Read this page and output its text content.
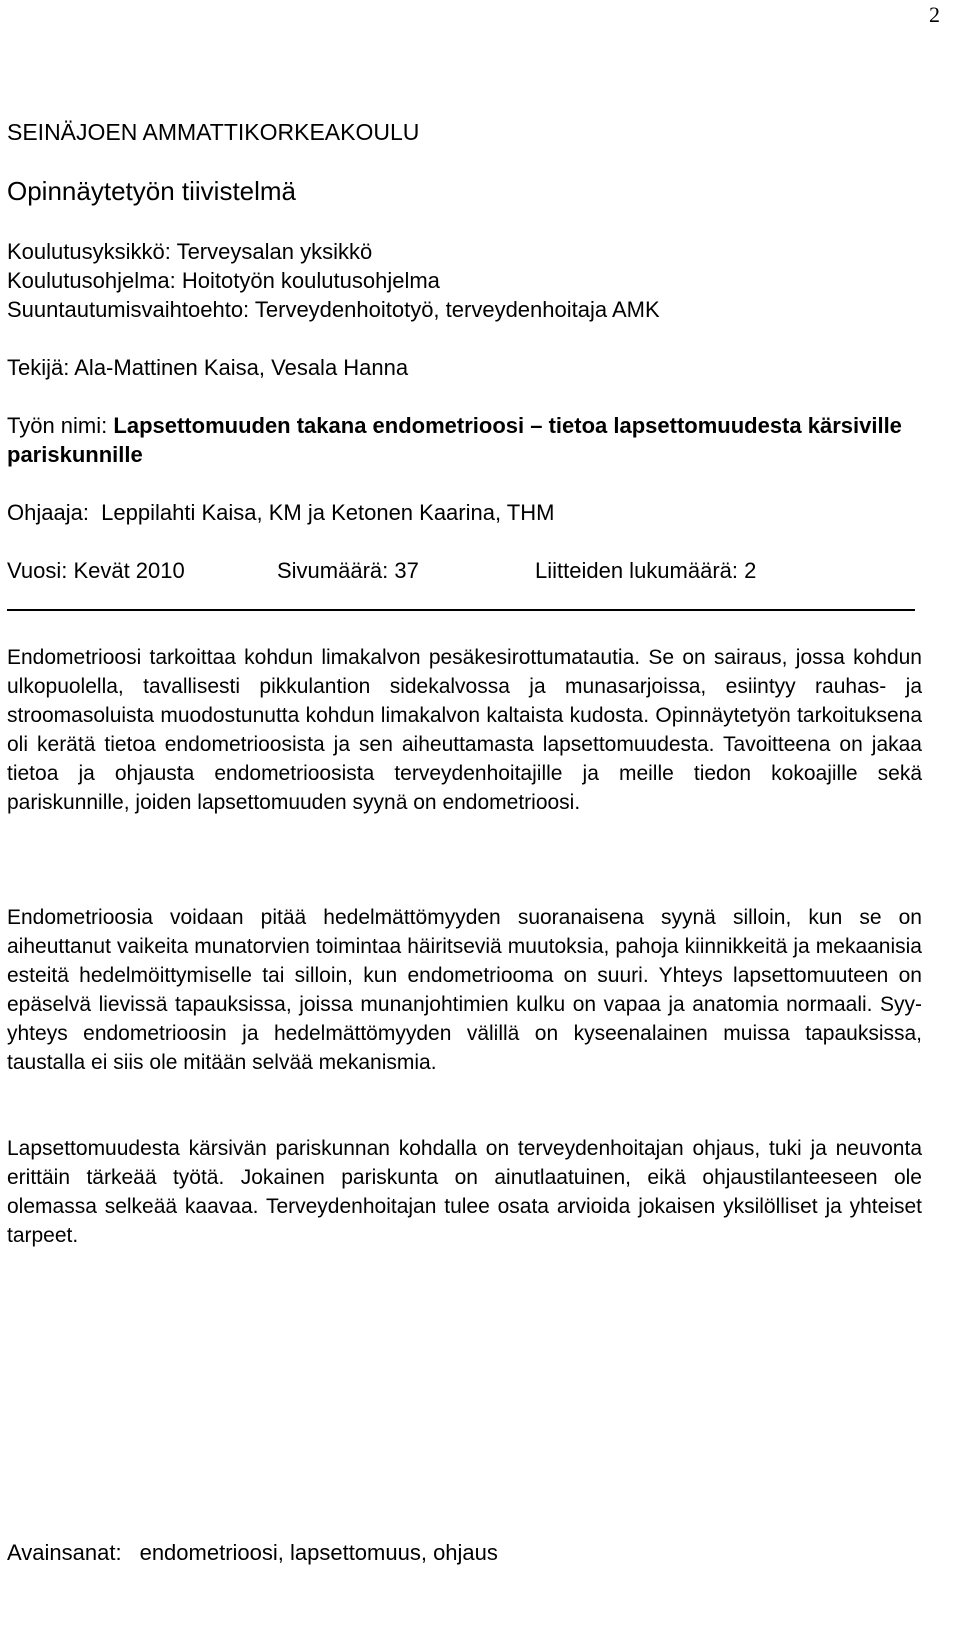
2
SEINÄJOEN AMMATTIKORKEAKOULU
Opinnäytetyön tiivistelmä
Koulutusyksikkö: Terveysalan yksikkö
Koulutusohjelma: Hoitotyön koulutusohjelma
Suuntautumisvaihtoehto: Terveydenhoitotyö, terveydenhoitaja AMK
Tekijä: Ala-Mattinen Kaisa, Vesala Hanna
Työn nimi: Lapsettomuuden takana endometrioosi – tietoa lapsettomuudesta kärsiville pariskunnille
Ohjaaja:  Leppilahti Kaisa, KM ja Ketonen Kaarina, THM
Vuosi: Kevät 2010	Sivumäärä: 37	Liitteiden lukumäärä: 2
Endometrioosi tarkoittaa kohdun limakalvon pesäkesirottumatautia. Se on sairaus, jossa kohdun ulkopuolella, tavallisesti pikkulantion sidekalvossa ja munasarjoissa, esiintyy rauhas- ja stroomasoluista muodostunutta kohdun limakalvon kaltaista kudosta. Opinnäytetyön tarkoituksena oli kerätä tietoa endometrioosista ja sen aiheuttamasta lapsettomuudesta. Tavoitteena on jakaa tietoa ja ohjausta endometrioosista terveydenhoitajille ja meille tiedon kokoajille sekä pariskunnille, joiden lapsettomuuden syynä on endometrioosi.
Endometrioosia voidaan pitää hedelmättömyyden suoranaisena syynä silloin, kun se on aiheuttanut vaikeita munatorvien toimintaa häiritseviä muutoksia, pahoja kiinnikkeitä ja mekaanisia esteitä hedelmöittymiselle tai silloin, kun endometriooma on suuri. Yhteys lapsettomuuteen on epäselvä lievissä tapauksissa, joissa munanjohtimien kulku on vapaa ja anatomia normaali. Syy-yhteys endometrioosin ja hedelmättömyyden välillä on kyseenalainen muissa tapauksissa, taustalla ei siis ole mitään selvää mekanismia.
Lapsettomuudesta kärsivän pariskunnan kohdalla on terveydenhoitajan ohjaus, tuki ja neuvonta erittäin tärkeää työtä. Jokainen pariskunta on ainutlaatuinen, eikä ohjaustilanteeseen ole olemassa selkeää kaavaa. Terveydenhoitajan tulee osata arvioida jokaisen yksilölliset ja yhteiset tarpeet.
Avainsanat: endometrioosi, lapsettomuus, ohjaus
